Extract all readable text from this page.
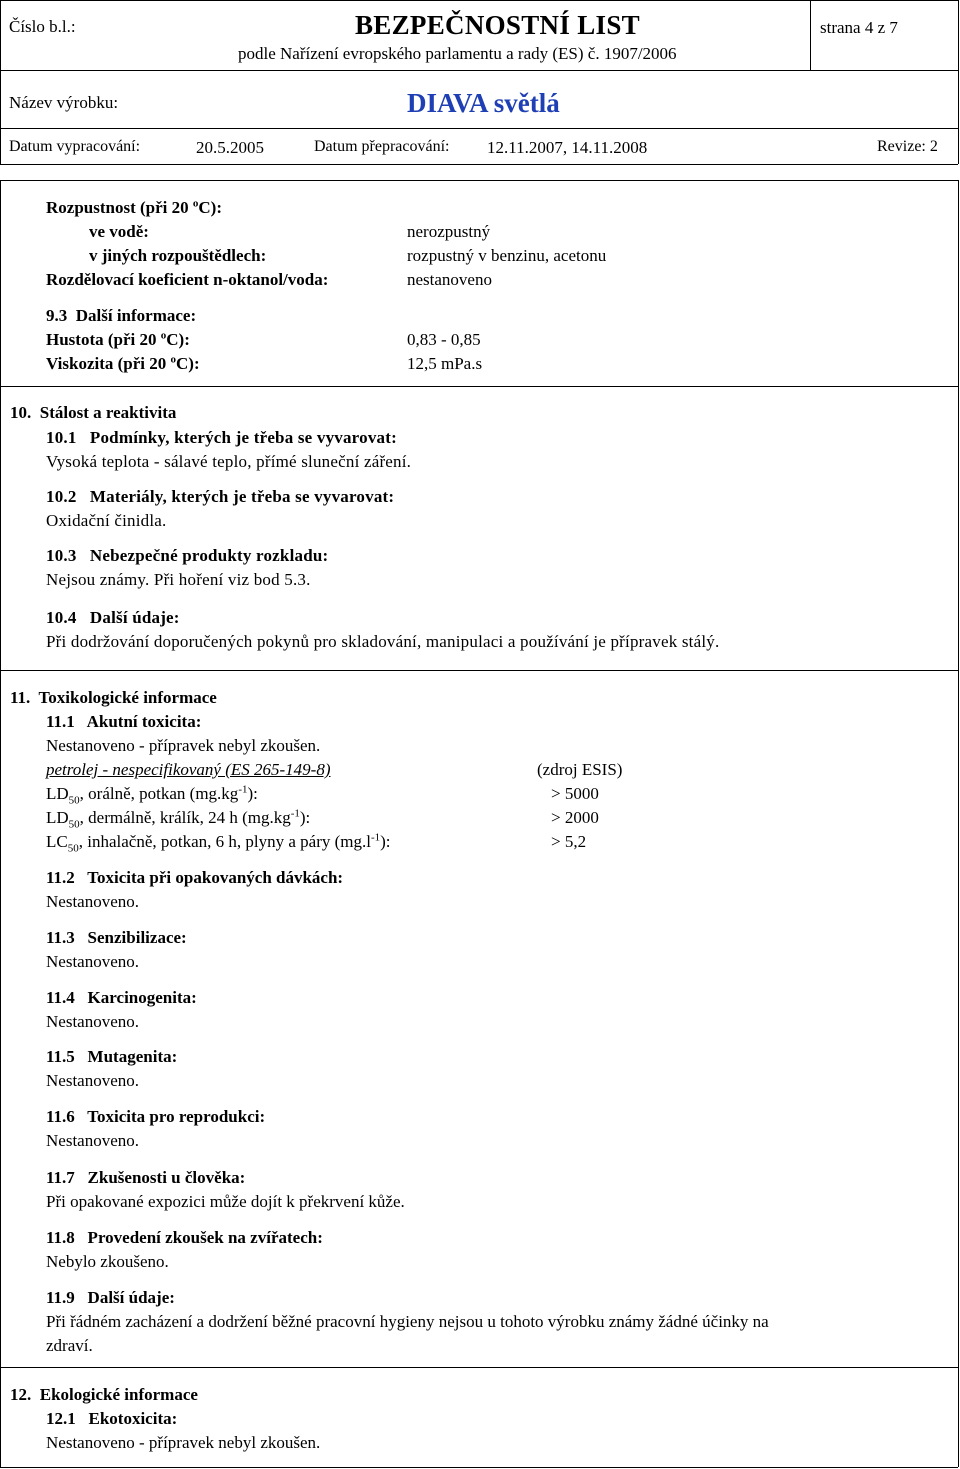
Číslo b.l.:	BEZPEČNOSTNÍ LIST
podle Nařízení evropského parlamentu a rady (ES) č. 1907/2006
strana 4 z 7
Název výrobku:	DIAVA světlá
Datum vypracování:	20.5.2005	Datum přepracování: 12.11.2007, 14.11.2008	Revize: 2
Rozpustnost (při 20 $^o$C):
ve vodě:	nerozpustný
v jiných rozpouštědlech:	rozpustný v benzinu, acetonu
Rozdělovací koeficient n-oktanol/voda:	nestanoveno
9.3  Další informace:
Hustota (při 20 $^o$C):	0,83 - 0,85
Viskozita (při 20 $^o$C):	12,5 mPa.s
10.  Stálost a reaktivita
10.1   Podmínky, kterých je třeba se vyvarovat:
Vysoká teplota - sálavé teplo, přímé sluneční záření.
10.2   Materiály, kterých je třeba se vyvarovat:
Oxidační činidla.
10.3   Nebezpečné produkty rozkladu:
Nejsou známy. Při hoření viz bod 5.3.
10.4   Další údaje:
Při dodržování doporučených pokynů pro skladování, manipulaci a používání je přípravek stálý.
11.  Toxikologické informace
11.1   Akutní toxicita:
Nestanoveno - přípravek nebyl zkoušen.
petrolej - nespecifikovaný (ES 265-149-8)	(zdroj ESIS)
$LD_{50}$, orálně, potkan $(mg.kg^{-1})$:	> 5000
$LD_{50}$, dermálně, králík, 24 h $(mg.kg^{-1})$:	> 2000
$LC_{50}$, inhalačně, potkan, 6 h, plyny a páry $(mg.l^{-1})$:	> 5,2
11.2   Toxicita při opakovaných dávkách:
Nestanoveno.
11.3   Senzibilizace:
Nestanoveno.
11.4   Karcinogenita:
Nestanoveno.
11.5   Mutagenita:
Nestanoveno.
11.6   Toxicita pro reprodukci:
Nestanoveno.
11.7   Zkušenosti u člověka:
Při opakované expozici může dojít k překrvení kůže.
11.8   Provedení zkoušek na zvířatech:
Nebylo zkoušeno.
11.9   Další údaje:
Při řádném zacházení a dodržení běžné pracovní hygieny nejsou u tohoto výrobku známy žádné účinky na
zdraví.
12.  Ekologické informace
12.1   Ekotoxicita:
Nestanoveno - přípravek nebyl zkoušen.
